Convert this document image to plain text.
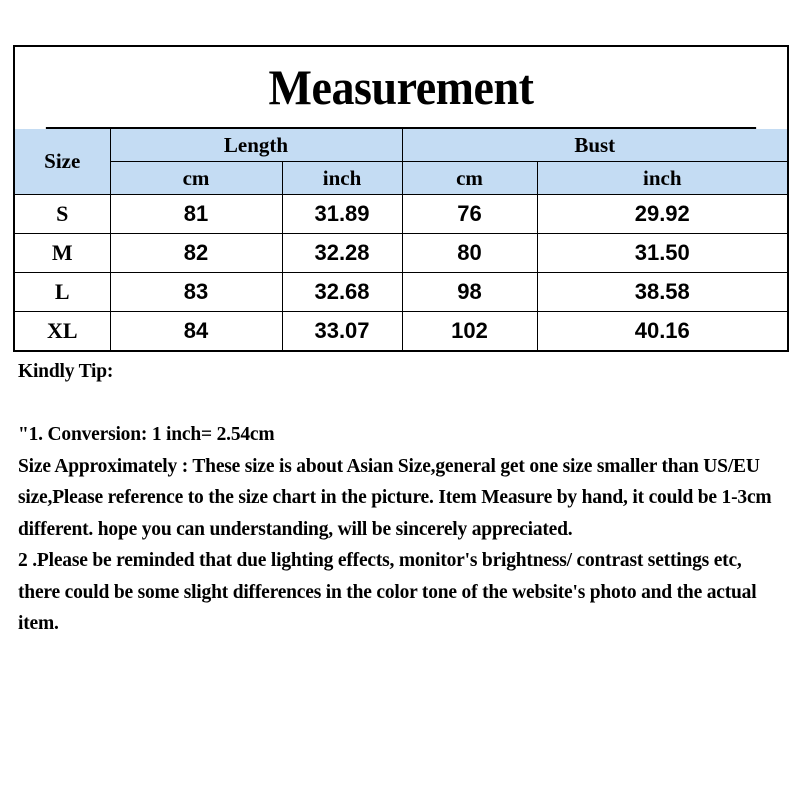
Measurement
Size	Length		Bust	
	cm	inch	cm	inch
S	81	31.89	76	29.92
M	82	32.28	80	31.50
L	83	32.68	98	38.58
XL	84	33.07	102	40.16

Kindly Tip:

"1. Conversion: 1 inch= 2.54cm

Size Approximately : These size is about Asian Size,general get one size smaller than US/EU size,Please reference to the size chart in the picture. Item Measure by hand, it could be 1-3cm different. hope you can understanding, will be sincerely appreciated.

2 .Please be reminded that due lighting effects, monitor's brightness/ contrast settings etc, there could be some slight differences in the color tone of the website's photo and the actual item.
